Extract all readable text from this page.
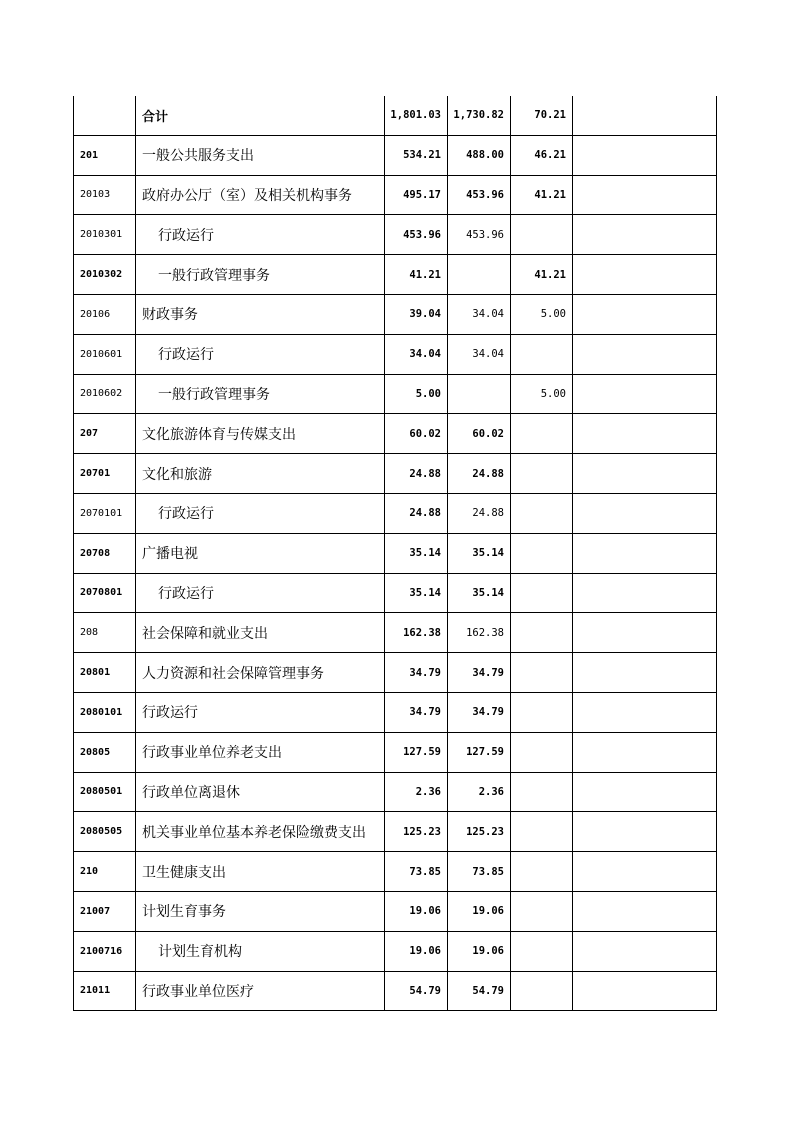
	合计	1,801.03	1,730.82	70.21	
201	一般公共服务支出	534.21	488.00	46.21	
20103	政府办公厅（室）及相关机构事务	495.17	453.96	41.21	
2010301	行政运行	453.96	453.96		
2010302	一般行政管理事务	41.21		41.21	
20106	财政事务	39.04	34.04	5.00	
2010601	行政运行	34.04	34.04		
2010602	一般行政管理事务	5.00		5.00	
207	文化旅游体育与传媒支出	60.02	60.02		
20701	文化和旅游	24.88	24.88		
2070101	行政运行	24.88	24.88		
20708	广播电视	35.14	35.14		
2070801	行政运行	35.14	35.14		
208	社会保障和就业支出	162.38	162.38		
20801	人力资源和社会保障管理事务	34.79	34.79		
2080101	行政运行	34.79	34.79		
20805	行政事业单位养老支出	127.59	127.59		
2080501	行政单位离退休	2.36	2.36		
2080505	机关事业单位基本养老保险缴费支出	125.23	125.23		
210	卫生健康支出	73.85	73.85		
21007	计划生育事务	19.06	19.06		
2100716	计划生育机构	19.06	19.06		
21011	行政事业单位医疗	54.79	54.79		
